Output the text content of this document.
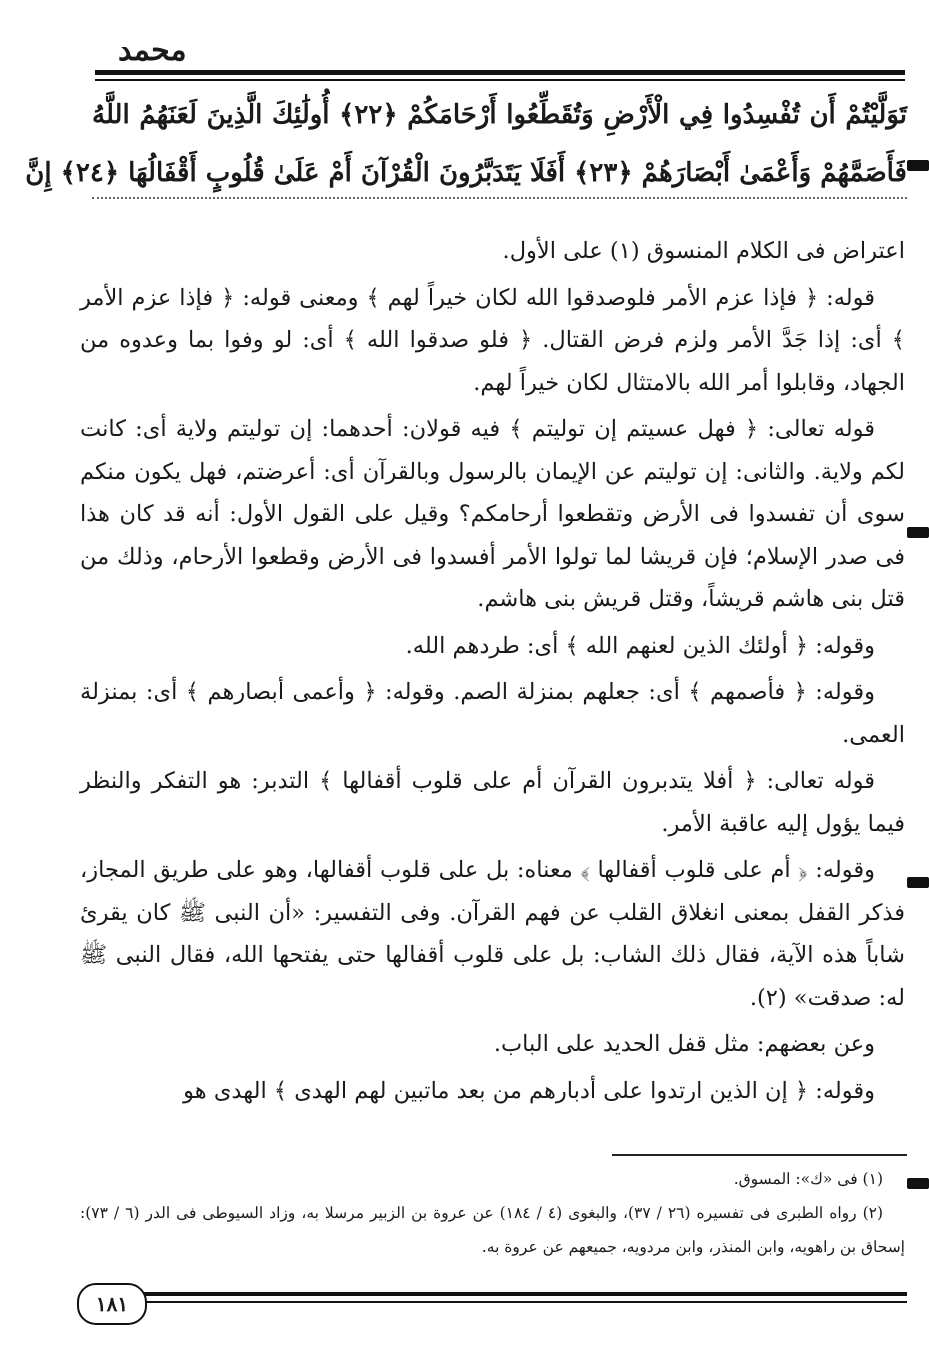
محمد
تَوَلَّيْتُمْ أَن تُفْسِدُوا فِي الْأَرْضِ وَتُقَطِّعُوا أَرْحَامَكُمْ ﴿٢٢﴾ أُولَٰئِكَ الَّذِينَ لَعَنَهُمُ اللَّهُ
فَأَصَمَّهُمْ وَأَعْمَىٰ أَبْصَارَهُمْ ﴿٢٣﴾ أَفَلَا يَتَدَبَّرُونَ الْقُرْآنَ أَمْ عَلَىٰ قُلُوبٍ أَقْفَالُهَا ﴿٢٤﴾ إِنَّ

اعتراض فى الكلام المنسوق (١) على الأول.

قوله: ﴿ فإذا عزم الأمر فلوصدقوا الله لكان خيراً لهم ﴾ ومعنى قوله: ﴿ فإذا عزم الأمر ﴾ أى: إذا جَدَّ الأمر ولزم فرض القتال. ﴿ فلو صدقوا الله ﴾ أى: لو وفوا بما وعدوه من الجهاد، وقابلوا أمر الله بالامتثال لكان خيراً لهم.

قوله تعالى: ﴿ فهل عسيتم إن توليتم ﴾ فيه قولان: أحدهما: إن توليتم ولاية أى: كانت لكم ولاية. والثانى: إن توليتم عن الإيمان بالرسول وبالقرآن أى: أعرضتم، فهل يكون منكم سوى أن تفسدوا فى الأرض وتقطعوا أرحامكم؟ وقيل على القول الأول: أنه قد كان هذا فى صدر الإسلام؛ فإن قريشا لما تولوا الأمر أفسدوا فى الأرض وقطعوا الأرحام، وذلك من قتل بنى هاشم قريشاً، وقتل قريش بنى هاشم.

وقوله: ﴿ أولئك الذين لعنهم الله ﴾ أى: طردهم الله.

وقوله: ﴿ فأصمهم ﴾ أى: جعلهم بمنزلة الصم. وقوله: ﴿ وأعمى أبصارهم ﴾ أى: بمنزلة العمى.

قوله تعالى: ﴿ أفلا يتدبرون القرآن أم على قلوب أقفالها ﴾ التدبر: هو التفكر والنظر فيما يؤول إليه عاقبة الأمر.

وقوله: ﴿ أم على قلوب أقفالها ﴾ معناه: بل على قلوب أقفالها، وهو على طريق المجاز، فذكر القفل بمعنى انغلاق القلب عن فهم القرآن. وفى التفسير: «أن النبى ﷺ كان يقرئ شاباً هذه الآية، فقال ذلك الشاب: بل على قلوب أقفالها حتى يفتحها الله، فقال النبى ﷺ له: صدقت» (٢).

وعن بعضهم: مثل قفل الحديد على الباب.

وقوله: ﴿ إن الذين ارتدوا على أدبارهم من بعد ماتبين لهم الهدى ﴾ الهدى هو

(١) فى «ك»: المسوق.

(٢) رواه الطبرى فى تفسيره (٢٦ / ٣٧)، والبغوى (٤ / ١٨٤) عن عروة بن الزبير مرسلا به، وزاد السيوطى فى الدر (٦ / ٧٣): إسحاق بن راهويه، وابن المنذر، وابن مردويه، جميعهم عن عروة به.

١٨١
